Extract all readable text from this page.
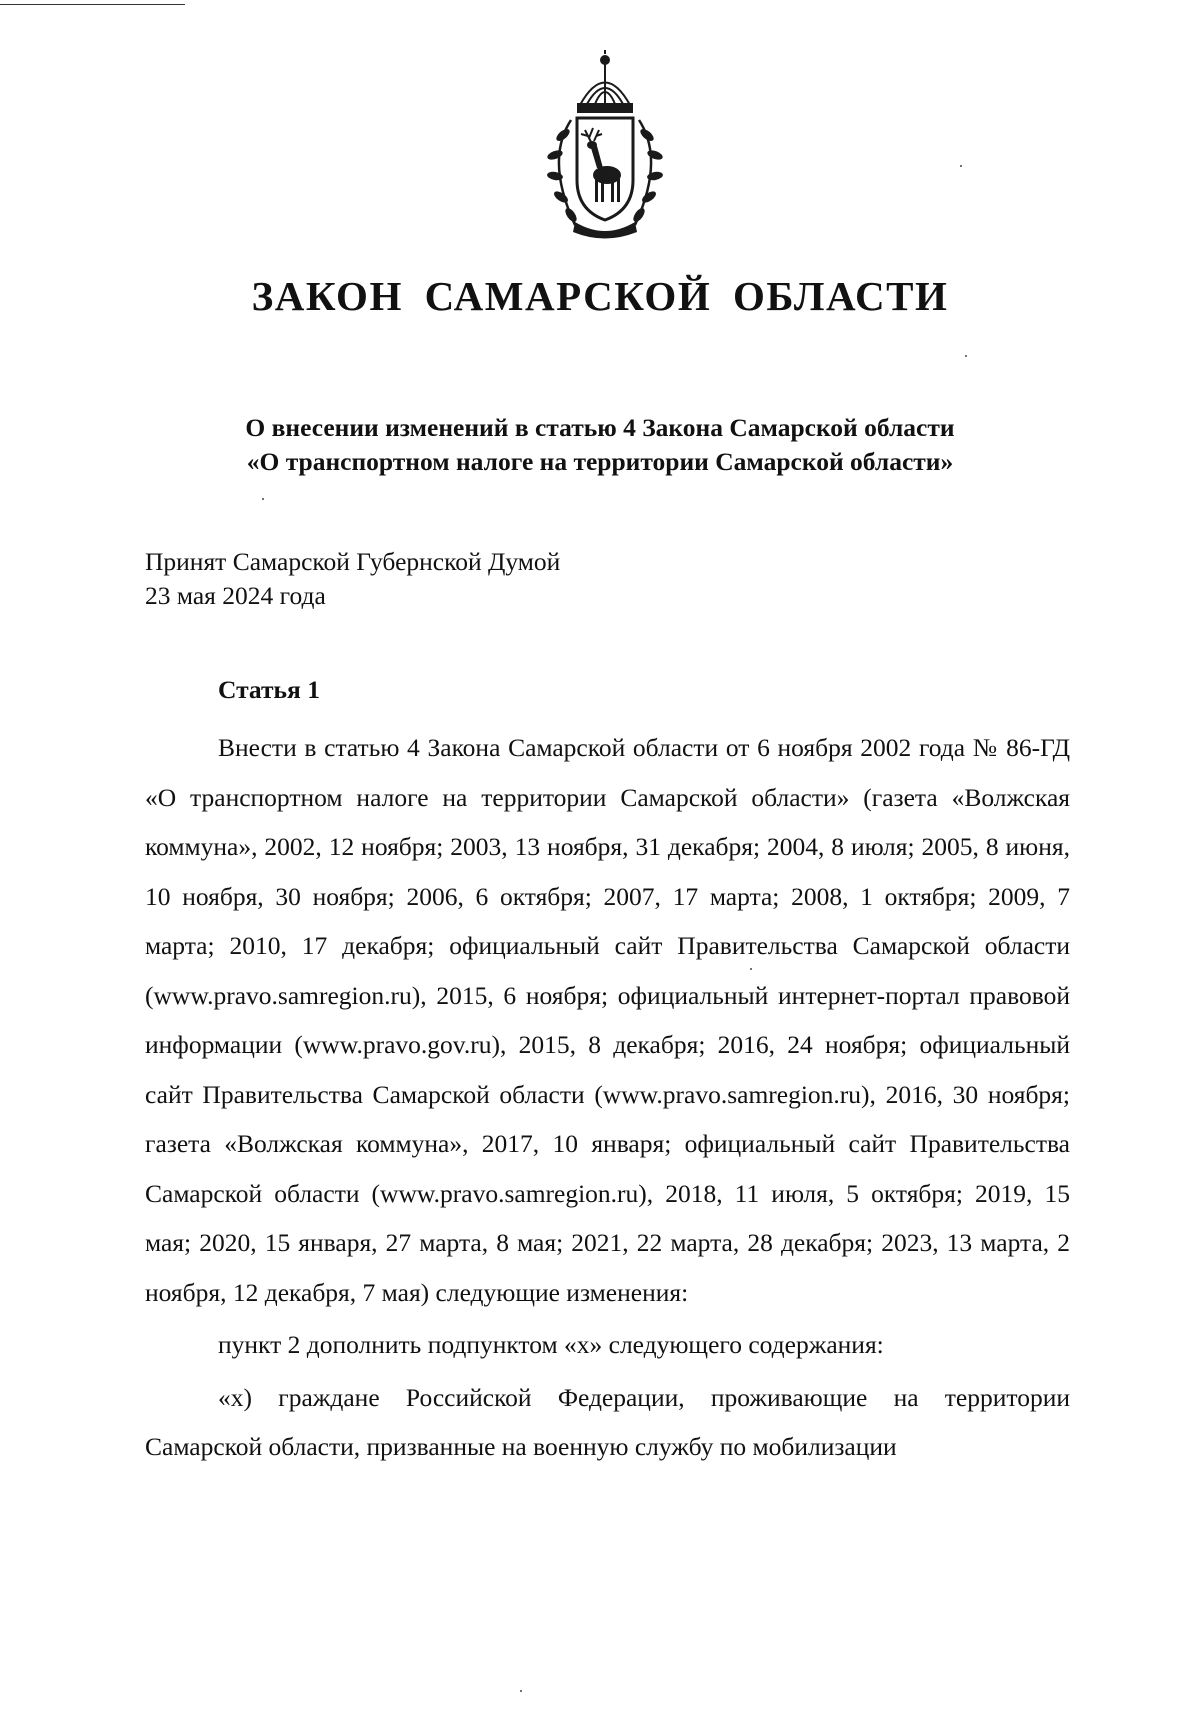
ЗАКОН САМАРСКОЙ ОБЛАСТИ
О внесении изменений в статью 4 Закона Самарской области
«О транспортном налоге на территории Самарской области»
Принят Самарской Губернской Думой
23 мая 2024 года
Статья 1

Внести в статью 4 Закона Самарской области от 6 ноября 2002 года № 86-ГД «О транспортном налоге на территории Самарской области» (газета «Волжская коммуна», 2002, 12 ноября; 2003, 13 ноября, 31 декабря; 2004, 8 июля; 2005, 8 июня, 10 ноября, 30 ноября; 2006, 6 октября; 2007, 17 марта; 2008, 1 октября; 2009, 7 марта; 2010, 17 декабря; официальный сайт Правительства Самарской области (www.pravo.samregion.ru), 2015, 6 ноября; официальный интернет-портал правовой информации (www.pravo.gov.ru), 2015, 8 декабря; 2016, 24 ноября; официальный сайт Правительства Самарской области (www.pravo.samregion.ru), 2016, 30 ноября; газета «Волжская коммуна», 2017, 10 января; официальный сайт Правительства Самарской области (www.pravo.samregion.ru), 2018, 11 июля, 5 октября; 2019, 15 мая; 2020, 15 января, 27 марта, 8 мая; 2021, 22 марта, 28 декабря; 2023, 13 марта, 2 ноября, 12 декабря, 7 мая) следующие изменения:

пункт 2 дополнить подпунктом «х» следующего содержания:

«х) граждане Российской Федерации, проживающие на территории Самарской области, призванные на военную службу по мобилизации
